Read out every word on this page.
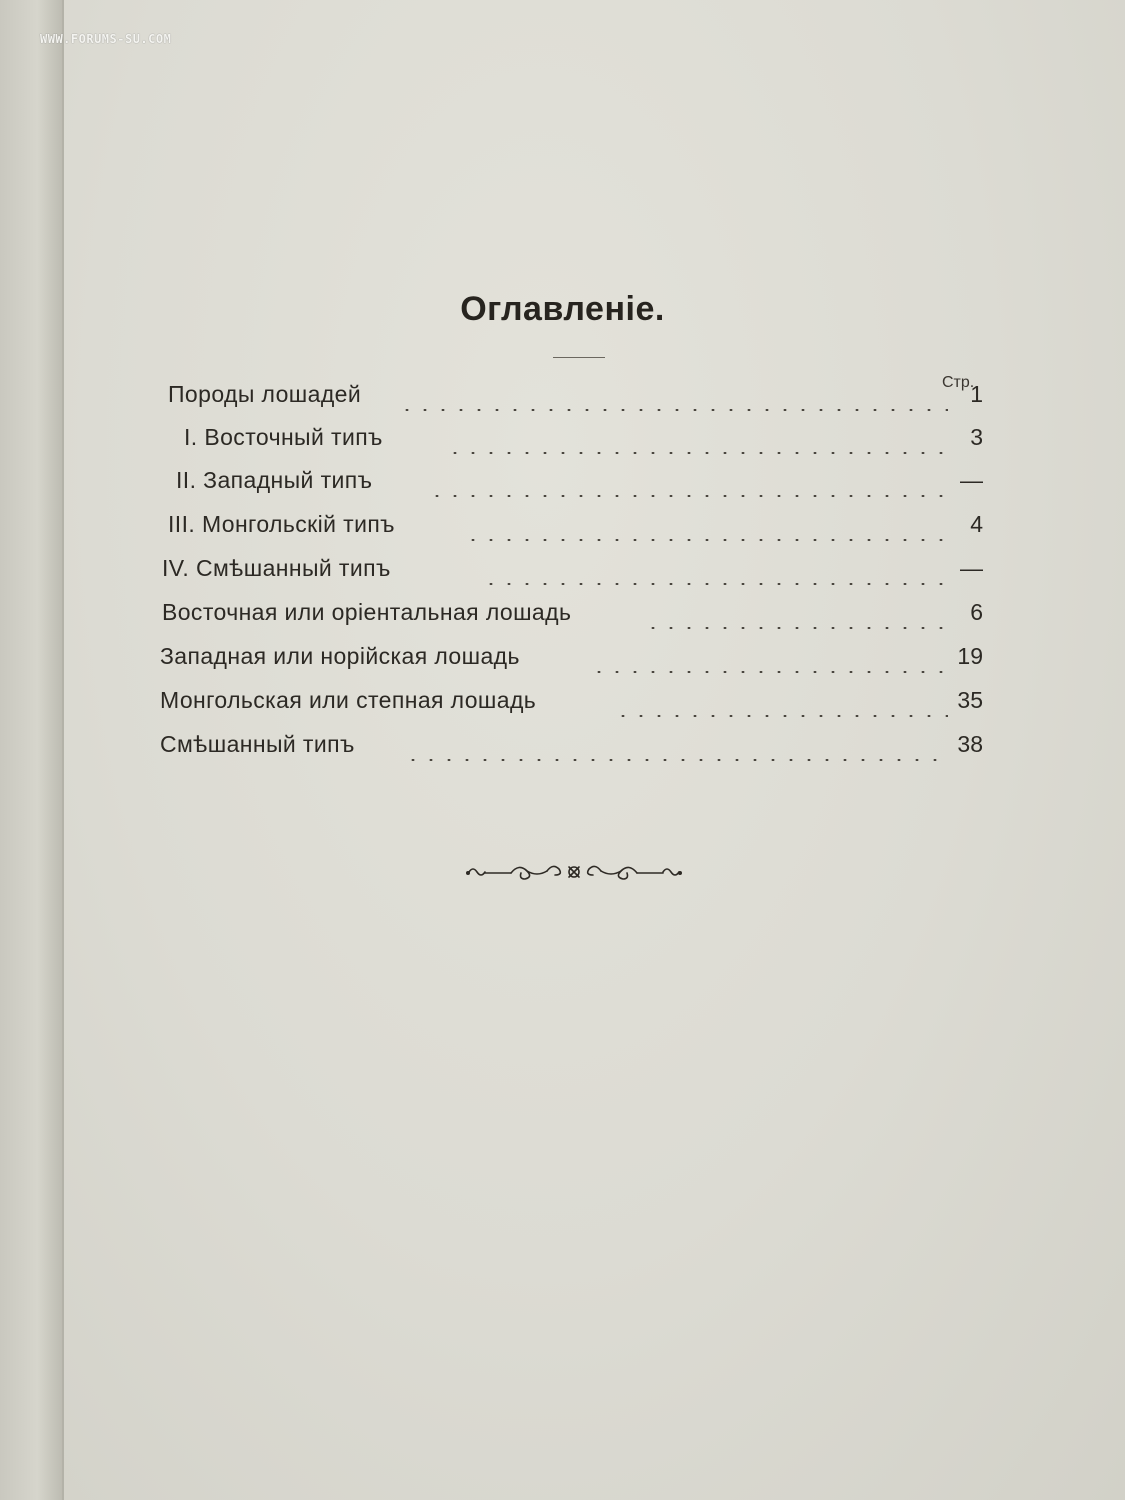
WWW.FORUMS-SU.COM
Оглавленіе.
Стр.
Породы лошадей	1
I. Восточный типъ	3
II. Западный типъ	—
III. Монгольскій типъ	4
IV. Смѣшанный типъ	—
Восточная или оріентальная лошадь	6
Западная или норійская лошадь	19
Монгольская или степная лошадь	35
Смѣшанный типъ	38
